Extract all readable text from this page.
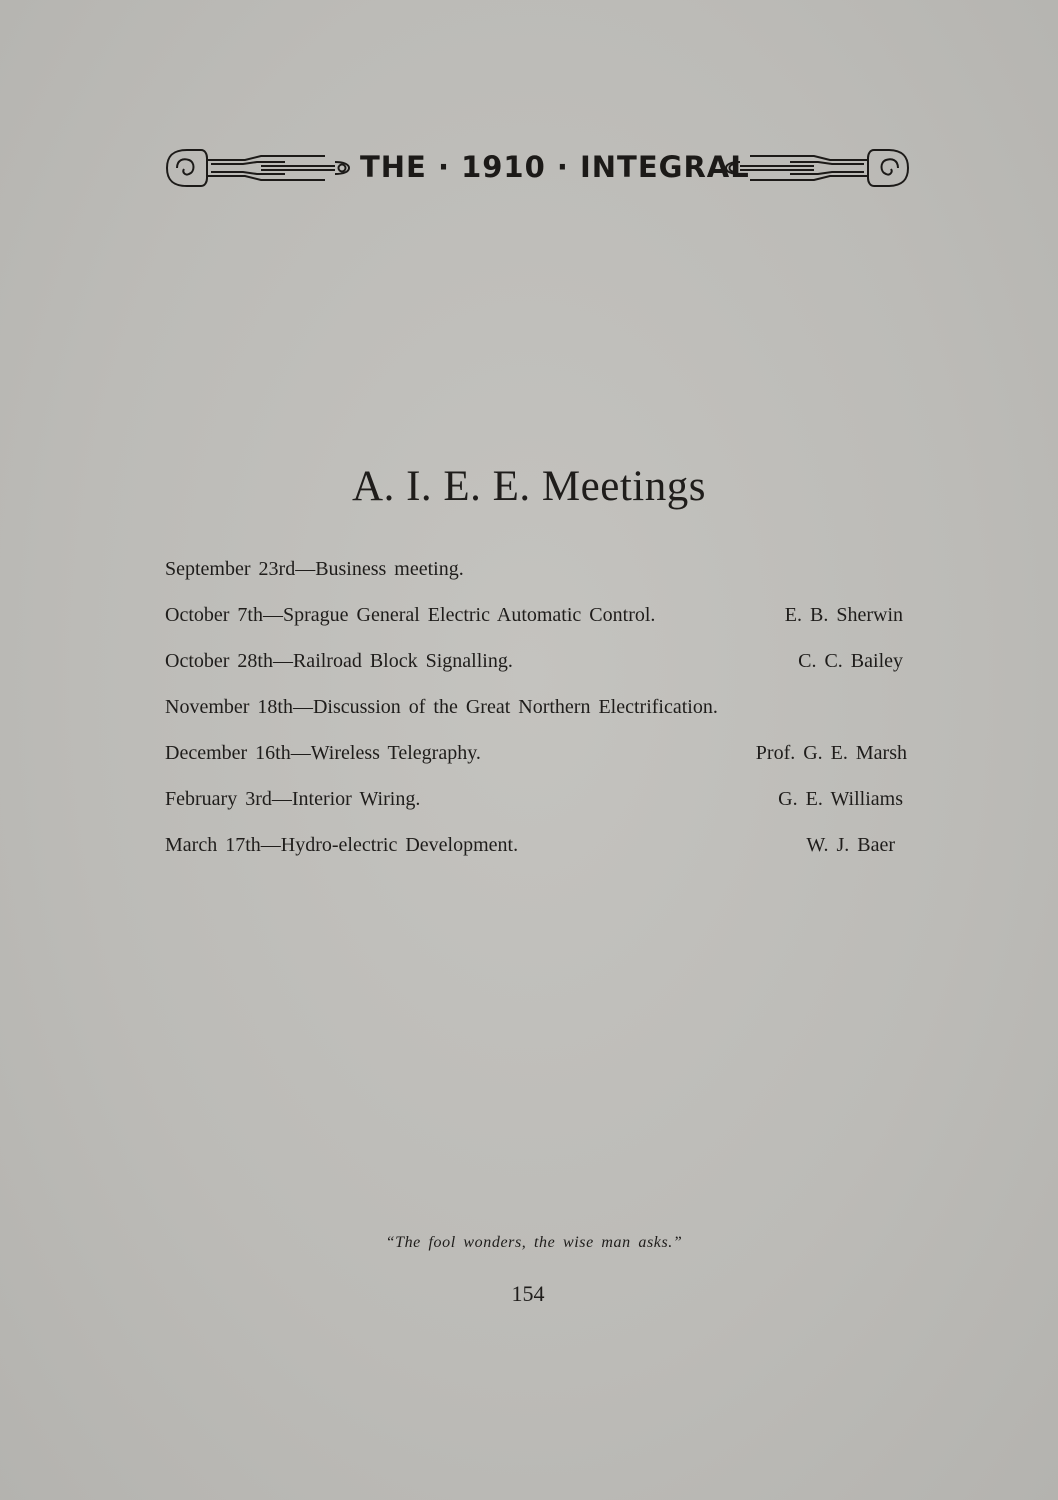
THE · 1910 · INTEGRAL
A. I. E. E. Meetings
September 23rd—Business meeting.
October 7th—Sprague General Electric Automatic Control.	E. B. Sherwin
October 28th—Railroad Block Signalling.	C. C. Bailey
November 18th—Discussion of the Great Northern Electrification.
December 16th—Wireless Telegraphy.	Prof. G. E. Marsh
February 3rd—Interior Wiring.	G. E. Williams
March 17th—Hydro-electric Development.	W. J. Baer
“The fool wonders, the wise man asks.”
154
